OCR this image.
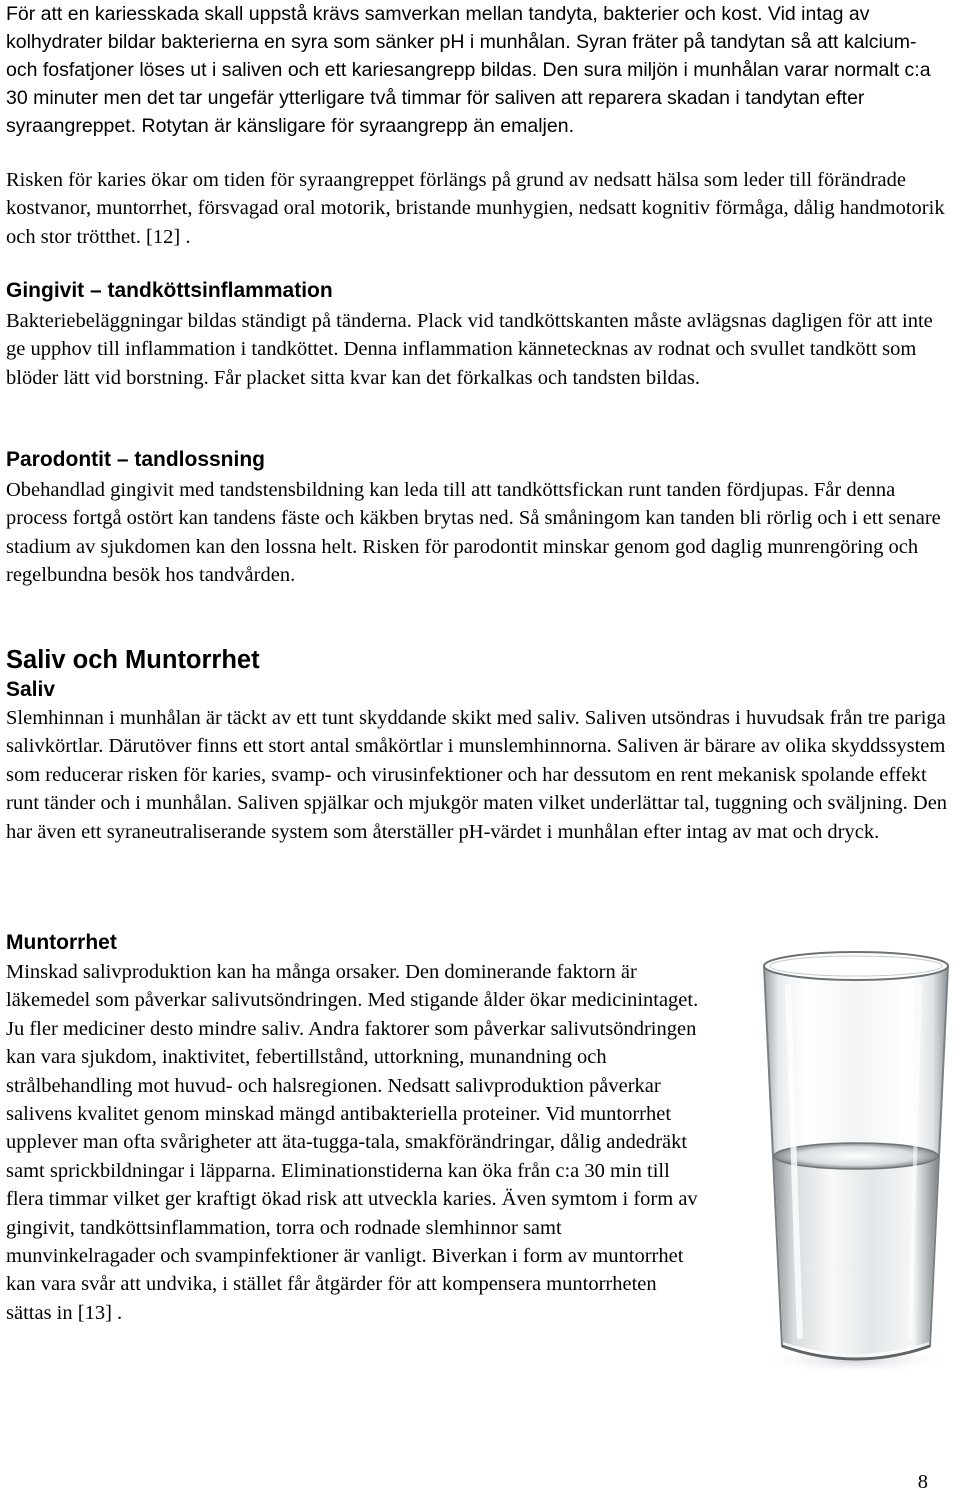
För att en kariesskada skall uppstå krävs samverkan mellan tandyta, bakterier och kost. Vid intag av kolhydrater bildar bakterierna en syra som sänker pH i munhålan. Syran fräter på tandytan så att kalcium- och fosfatjoner löses ut i saliven och ett kariesangrepp bildas. Den sura miljön i munhålan varar normalt c:a 30 minuter men det tar ungefär ytterligare två timmar för saliven att reparera skadan i tandytan efter syraangreppet. Rotytan är känsligare för syraangrepp än emaljen.

Risken för karies ökar om tiden för syraangreppet förlängs på grund av nedsatt hälsa som leder till förändrade kostvanor, muntorrhet, försvagad oral motorik, bristande munhygien, nedsatt kognitiv förmåga, dålig handmotorik och stor trötthet. [12] .

Gingivit – tandköttsinflammation

Bakteriebeläggningar bildas ständigt på tänderna. Plack vid tandköttskanten måste avlägsnas dagligen för att inte ge upphov till inflammation i tandköttet. Denna inflammation kännetecknas av rodnat och svullet tandkött som blöder lätt vid borstning. Får placket sitta kvar kan det förkalkas och tandsten bildas.

Parodontit – tandlossning

Obehandlad gingivit med tandstensbildning kan leda till att tandköttsfickan runt tanden fördjupas. Får denna process fortgå ostört kan tandens fäste och käkben brytas ned. Så småningom kan tanden bli rörlig och i ett senare stadium av sjukdomen kan den lossna helt. Risken för parodontit minskar genom god daglig munrengöring och regelbundna besök hos tandvården.

Saliv och Muntorrhet
Saliv

Slemhinnan i munhålan är täckt av ett tunt skyddande skikt med saliv. Saliven utsöndras i huvudsak från tre pariga salivkörtlar. Därutöver finns ett stort antal småkörtlar i munslemhinnorna. Saliven är bärare av olika skyddssystem som reducerar risken för karies, svamp- och virusinfektioner och har dessutom en rent mekanisk spolande effekt runt tänder och i munhålan. Saliven spjälkar och mjukgör maten vilket underlättar tal, tuggning och sväljning. Den har även ett syraneutraliserande system som återställer pH-värdet i munhålan efter intag av mat och dryck.

Muntorrhet

Minskad salivproduktion kan ha många orsaker. Den dominerande faktorn är läkemedel som påverkar salivutsöndringen. Med stigande ålder ökar medicinintaget. Ju fler mediciner desto mindre saliv. Andra faktorer som påverkar salivutsöndringen kan vara sjukdom, inaktivitet, febertillstånd, uttorkning, munandning och strålbehandling mot huvud- och halsregionen. Nedsatt salivproduktion påverkar salivens kvalitet genom minskad mängd antibakteriella proteiner. Vid muntorrhet upplever man ofta svårigheter att äta-tugga-tala, smakförändringar, dålig andedräkt samt sprickbildningar i läpparna. Eliminationstiderna kan öka från c:a 30 min till flera timmar vilket ger kraftigt ökad risk att utveckla karies. Även symtom i form av gingivit, tandköttsinflammation, torra och rodnade slemhinnor samt munvinkelragader och svampinfektioner är vanligt. Biverkan i form av muntorrhet kan vara svår att undvika, i stället får åtgärder för att kompensera muntorrheten sättas in [13] .

8
